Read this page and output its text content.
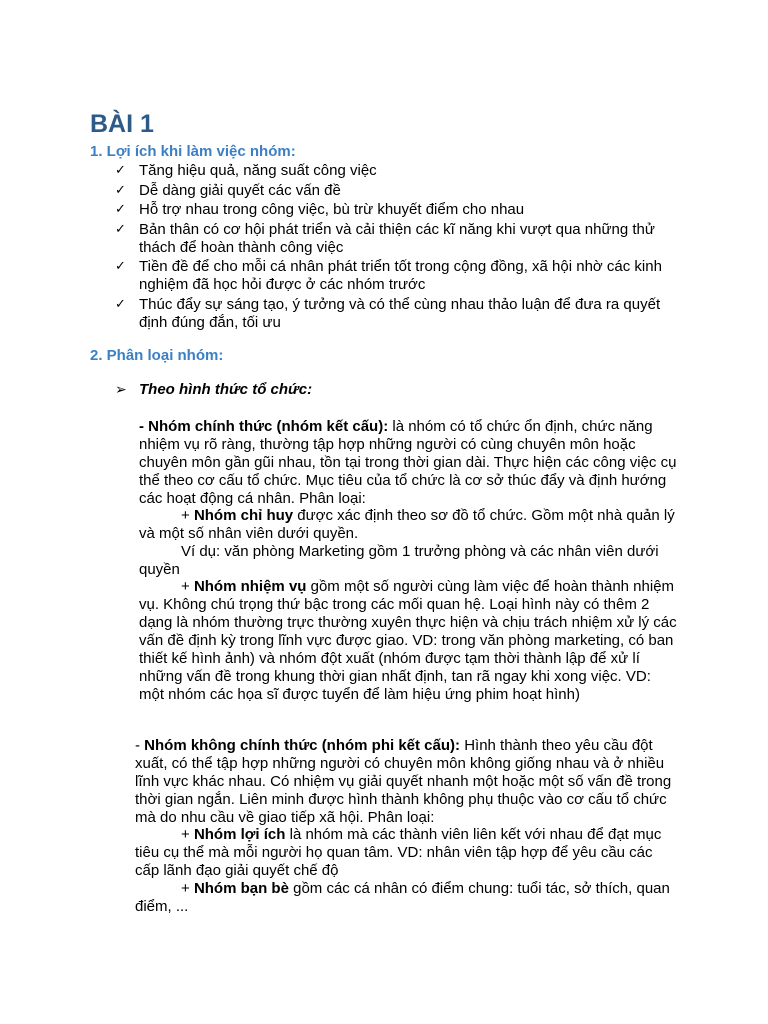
BÀI 1
1. Lợi ích khi làm việc nhóm:
✓ Tăng hiệu quả, năng suất công việc
✓ Dễ dàng giải quyết các vấn đề
✓ Hỗ trợ nhau trong công việc, bù trừ khuyết điểm cho nhau
✓ Bản thân có cơ hội phát triển và cải thiện các kĩ năng khi vượt qua những thử thách để hoàn thành công việc
✓ Tiền đề để cho mỗi cá nhân phát triển tốt trong cộng đồng, xã hội nhờ các kinh nghiệm đã học hỏi được ở các nhóm trước
✓ Thúc đẩy sự sáng tạo, ý tưởng và có thể cùng nhau thảo luận để đưa ra quyết định đúng đắn, tối ưu
2. Phân loại nhóm:
➢ Theo hình thức tổ chức:

- Nhóm chính thức (nhóm kết cấu): là nhóm có tổ chức ổn định, chức năng nhiệm vụ rõ ràng, thường tập hợp những người có cùng chuyên môn hoặc chuyên môn gần gũi nhau, tồn tại trong thời gian dài. Thực hiện các công việc cụ thể theo cơ cấu tổ chức. Mục tiêu của tổ chức là cơ sở thúc đẩy và định hướng các hoạt động cá nhân. Phân loại:

+ Nhóm chỉ huy được xác định theo sơ đồ tổ chức. Gồm một nhà quản lý và một số nhân viên dưới quyền.

Ví dụ: văn phòng Marketing gồm 1 trưởng phòng và các nhân viên dưới quyền

+ Nhóm nhiệm vụ gồm một số người cùng làm việc để hoàn thành nhiệm vụ. Không chú trọng thứ bậc trong các mối quan hệ. Loại hình này có thêm 2 dạng là nhóm thường trực thường xuyên thực hiện và chịu trách nhiệm xử lý các vấn đề định kỳ trong lĩnh vực được giao. VD: trong văn phòng marketing, có ban thiết kế hình ảnh) và nhóm đột xuất (nhóm được tạm thời thành lập để xử lí những vấn đề trong khung thời gian nhất định, tan rã ngay khi xong việc. VD: một nhóm các họa sĩ được tuyển để làm hiệu ứng phim hoạt hình)

- Nhóm không chính thức (nhóm phi kết cấu): Hình thành theo yêu cầu đột xuất, có thể tập hợp những người có chuyên môn không giống nhau và ở nhiều lĩnh vực khác nhau. Có nhiệm vụ giải quyết nhanh một hoặc một số vấn đề trong thời gian ngắn. Liên minh được hình thành không phụ thuộc vào cơ cấu tổ chức mà do nhu cầu về giao tiếp xã hội. Phân loại:

+ Nhóm lợi ích là nhóm mà các thành viên liên kết với nhau để đạt mục tiêu cụ thể mà mỗi người họ quan tâm. VD: nhân viên tập hợp để yêu cầu các cấp lãnh đạo giải quyết chế độ

+ Nhóm bạn bè gồm các cá nhân có điểm chung: tuổi tác, sở thích, quan điểm, ...
